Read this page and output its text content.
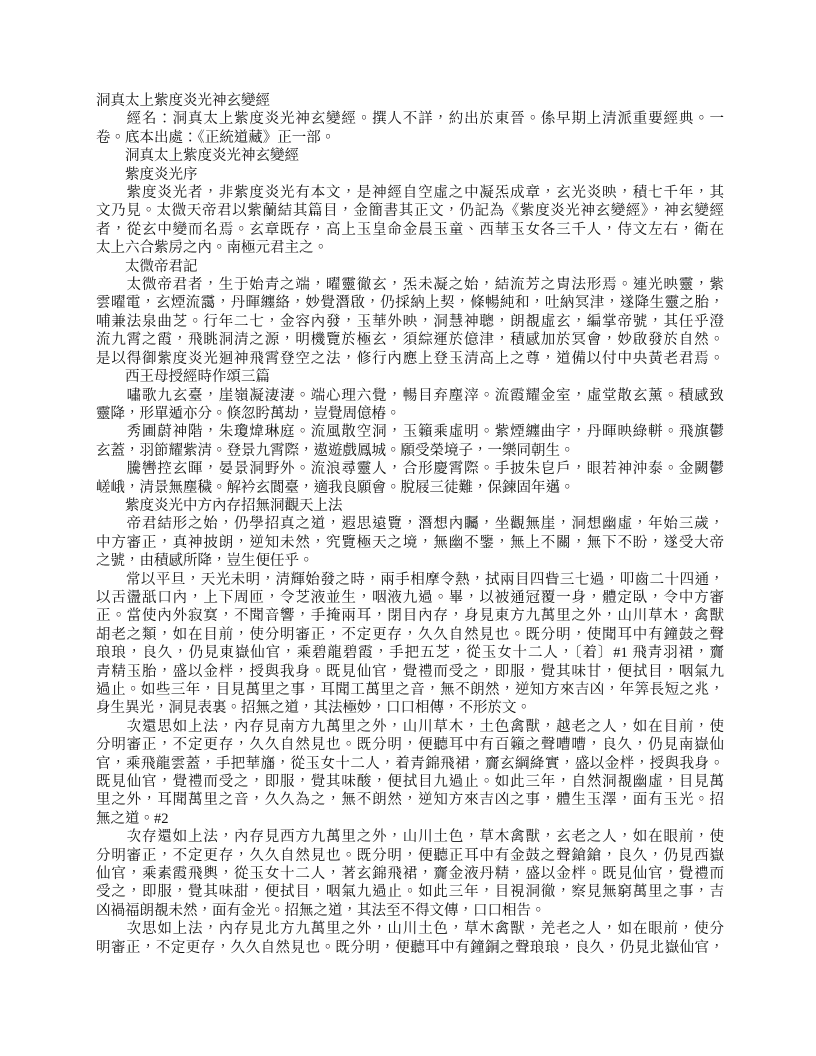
洞真太上紫度炎光神玄變經

　　經名：洞真太上紫度炎光神玄變經。撰人不詳，約出於東晉。係早期上清派重要經典。一

卷。底本出處：《正統道藏》正一部。

　　洞真太上紫度炎光神玄變經

　　紫度炎光序

　　紫度炎光者，非紫度炎光有本文，是神經自空虛之中凝炁成章，玄光炎映，積七千年，其

文乃見。太微天帝君以紫蘭結其篇目，金簡書其正文，仍記為《紫度炎光神玄變經》，神玄變經

者，從玄中變而名焉。玄章既存，高上玉皇命金晨玉童、西華玉女各三千人，侍文左右，衛在

太上六合紫房之內。南極元君主之。

　　太微帝君記

　　太微帝君者，生于始青之端，曜靈徹玄，炁未凝之始，結流芳之胄法形焉。連光映靈，紫

雲曜電，玄煙流靄，丹暉纏絡，妙覺潛啟，仍採納上契，條暢純和，吐納冥津，遂降生靈之胎，

哺兼法泉曲芝。行年二七，金容內發，玉華外映，洞慧神聰，朗覩虛玄，編掌帝號，其任乎澄

流九霄之霞，飛眺洞清之源，明機覽於極玄，須綜運於億津，積感加於冥會，妙啟發於自然。

是以得御紫度炎光迴神飛霄登空之法，修行內應上登玉清高上之尊，道備以付中央黃老君焉。

　　西王母授經時作頌三篇

　　嘯歌九玄臺，崖嶺凝淒淒。端心理六覺，暢目弃塵滓。流霞耀金室，虛堂散玄薰。積感致

靈降，形單遁亦分。倏忽盻萬劫，豈覺周億椿。

　　秀圃蔚神階，朱瓊煒琳庭。流風散空洞，玉籟乘虛明。紫煙纏曲字，丹暉映綠軿。飛旗鬱

玄蓋，羽節耀紫清。登景九霄際，遨遊戲鳳城。願受榮境子，一樂同朝生。

　　騰轡控玄暉，晏景洞野外。流浪尋靈人，合形慶霄際。手披朱皀戶，眼若神沖泰。金闕鬱

嵯峨，清景無塵穢。解衿玄閬臺，適我良願會。脫屐三徒難，保鍊固年邁。

　　紫度炎光中方內存招無洞觀天上法

　　帝君結形之始，仍學招真之道，遐思遠覽，潛想內矚，坐觀無崖，洞想幽虛，年始三歲，

中方審正，真神披朗，逆知未然，究覽極天之境，無幽不鑒，無上不關，無下不盼，遂受大帝

之號，由積感所降，豈生便任乎。

　　常以平旦，天光未明，清輝始發之時，兩手相摩令熱，拭兩目四眥三七過，叩齒二十四通，

以舌盪舐口內，上下周匝，令芝液並生，咽液九過。畢，以被通冠覆一身，體定臥，令中方審

正。當使內外寂寞，不聞音響，手掩兩耳，閉目內存，身見東方九萬里之外，山川草木，禽獸

胡老之類，如在目前，使分明審正，不定更存，久久自然見也。既分明，使聞耳中有鐘鼓之聲

琅琅，良久，仍見東嶽仙官，乘碧龍碧霞，手把五芝，從玉女十二人，〔着〕#1 飛青羽裙，齎

青精玉胎，盛以金柈，授與我身。既見仙官，覺禮而受之，即服，覺其味甘，便拭目，咽氣九

過止。如些三年，目見萬里之事，耳聞工萬里之音，無不朗然，逆知方來吉凶，年筭長短之兆，

身生異光，洞見表裏。招無之道，其法極妙，口口相傳，不形於文。

　　次還思如上法，內存見南方九萬里之外，山川草木，土色禽獸，越老之人，如在目前，使

分明審正，不定更存，久久自然見也。既分明，便聽耳中有百籟之聲嘈嘈，良久，仍見南嶽仙

官，乘飛龍雲蓋，手把華旛，從玉女十二人，着青錦飛裙，齎玄綱絳實，盛以金柈，授與我身。

既見仙官，覺禮而受之，即服，覺其味酸，便拭目九過止。如此三年，自然洞覩幽虛，目見萬

里之外，耳聞萬里之音，久久為之，無不朗然，逆知方來吉凶之事，體生玉澤，面有玉光。招

無之道。#2

　　次存還如上法，內存見西方九萬里之外，山川土色，草木禽獸，玄老之人，如在眼前，使

分明審正，不定更存，久久自然見也。既分明，便聽正耳中有金鼓之聲鎗鎗，良久，仍見西嶽

仙官，乘素霞飛輿，從玉女十二人，著玄錦飛裙，齎金液丹精，盛以金柈。既見仙官，覺禮而

受之，即服，覺其味甜，便拭目，咽氣九過止。如此三年，目視洞徹，察見無窮萬里之事，吉

凶禍福朗覩未然，面有金光。招無之道，其法至不得文傳，口口相告。

　　次思如上法，內存見北方九萬里之外，山川土色，草木禽獸，羌老之人，如在眼前，使分

明審正，不定更存，久久自然見也。既分明，便聽耳中有鐘銅之聲琅琅，良久，仍見北嶽仙官，
